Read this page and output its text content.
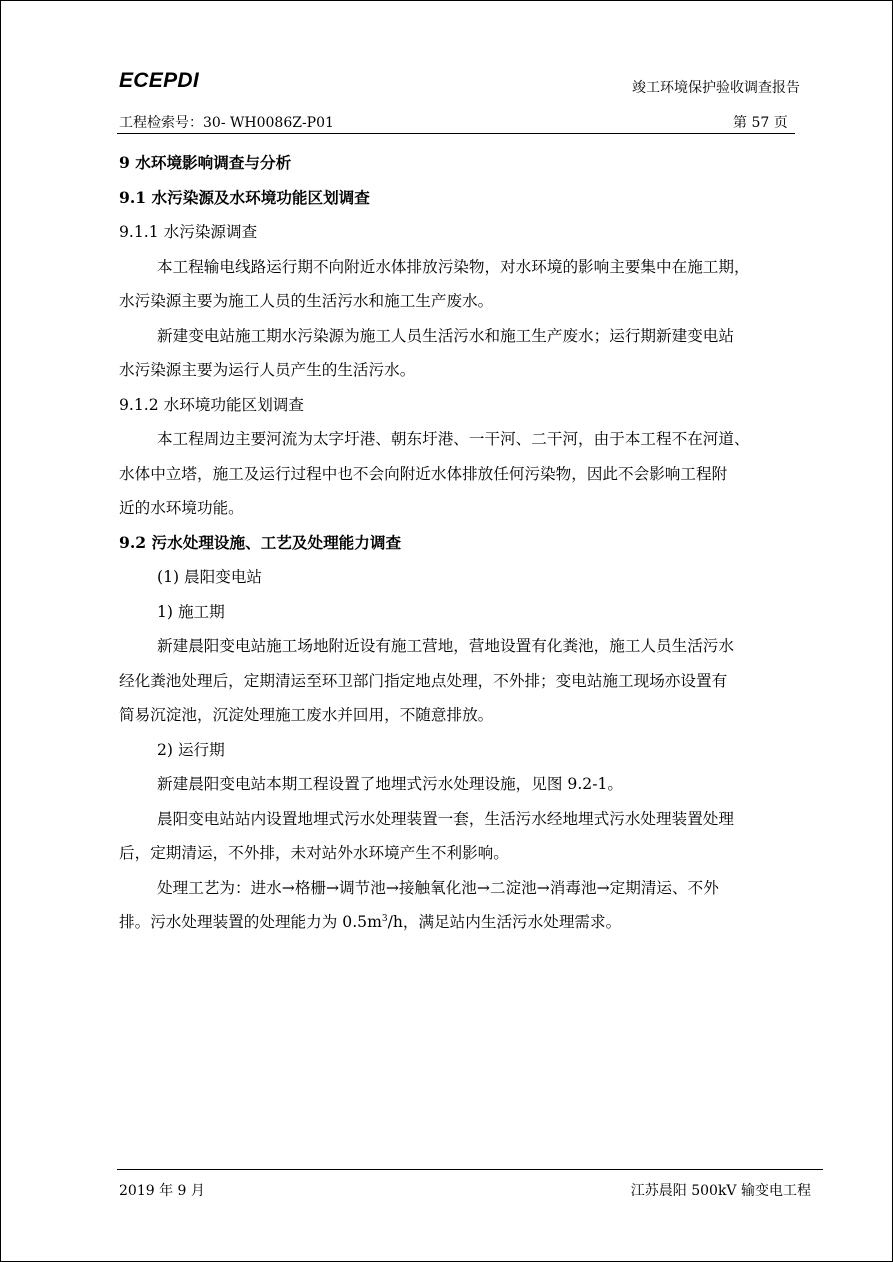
ECEPDI	竣工环境保护验收调查报告
工程检索号：30- WH0086Z-P01	第 57 页
9 水环境影响调查与分析
9.1 水污染源及水环境功能区划调查
9.1.1 水污染源调查
本工程输电线路运行期不向附近水体排放污染物，对水环境的影响主要集中在施工期，
水污染源主要为施工人员的生活污水和施工生产废水。
新建变电站施工期水污染源为施工人员生活污水和施工生产废水；运行期新建变电站
水污染源主要为运行人员产生的生活污水。
9.1.2 水环境功能区划调查
本工程周边主要河流为太字圩港、朝东圩港、一干河、二干河，由于本工程不在河道、
水体中立塔，施工及运行过程中也不会向附近水体排放任何污染物，因此不会影响工程附
近的水环境功能。
9.2 污水处理设施、工艺及处理能力调查
(1) 晨阳变电站
1) 施工期
新建晨阳变电站施工场地附近设有施工营地，营地设置有化粪池，施工人员生活污水
经化粪池处理后，定期清运至环卫部门指定地点处理，不外排；变电站施工现场亦设置有
简易沉淀池，沉淀处理施工废水并回用，不随意排放。
2) 运行期
新建晨阳变电站本期工程设置了地埋式污水处理设施，见图 9.2-1。
晨阳变电站站内设置地埋式污水处理装置一套，生活污水经地埋式污水处理装置处理
后，定期清运，不外排，未对站外水环境产生不利影响。
处理工艺为：进水→格栅→调节池→接触氧化池→二淀池→消毒池→定期清运、不外
排。污水处理装置的处理能力为 $0.5m^3/h$，满足站内生活污水处理需求。
2019 年 9 月	江苏晨阳 500kV 输变电工程
